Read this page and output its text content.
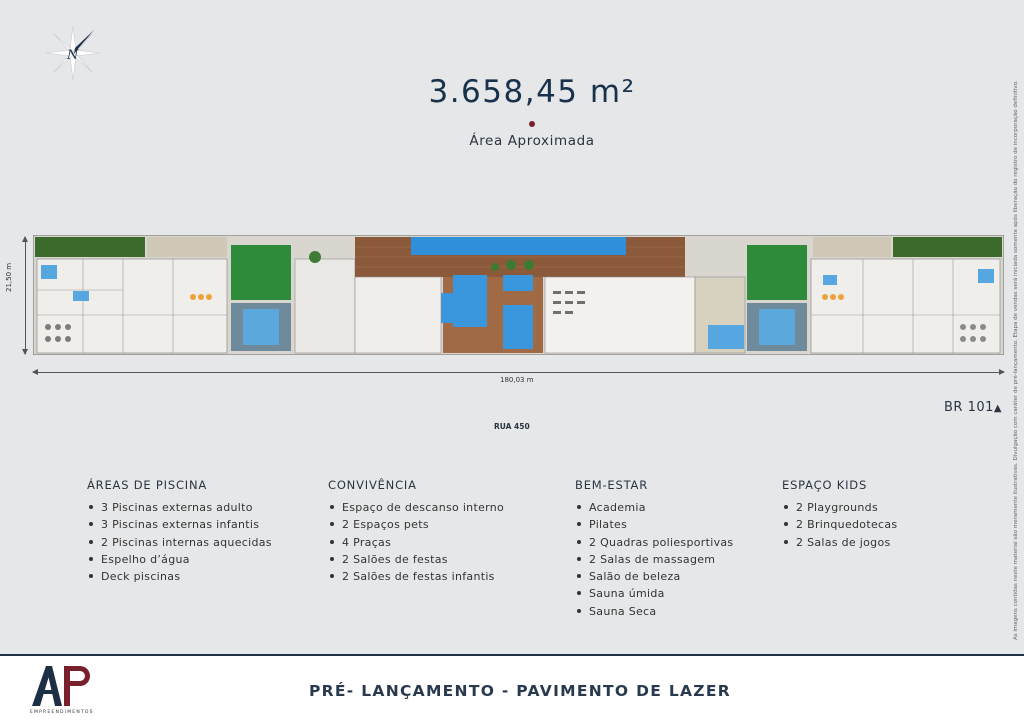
N
3.658,45 m²
Área Aproximada
21,50 m
180,03 m
BR 101▲
RUA 450	As imagens contidas neste material são meramente ilustrativas. Divulgação com caráter de pré-lançamento. Etapa de vendas será iniciada somente após liberação do registro de incorporação definitivo.
ÁREAS DE PISCINA
3 Piscinas externas adulto
3 Piscinas externas infantis
2 Piscinas internas aquecidas
Espelho d’água
Deck piscinas
CONVIVÊNCIA
Espaço de descanso interno
2 Espaços pets
4 Praças
2 Salões de festas
2 Salões de festas infantis
BEM-ESTAR
Academia
Pilates
2 Quadras poliesportivas
2 Salas de massagem
Salão de beleza
Sauna úmida
Sauna Seca
ESPAÇO KIDS
2 Playgrounds
2 Brinquedotecas
2 Salas de jogos
EMPREENDIMENTOS
PRÉ- LANÇAMENTO - PAVIMENTO DE LAZER
